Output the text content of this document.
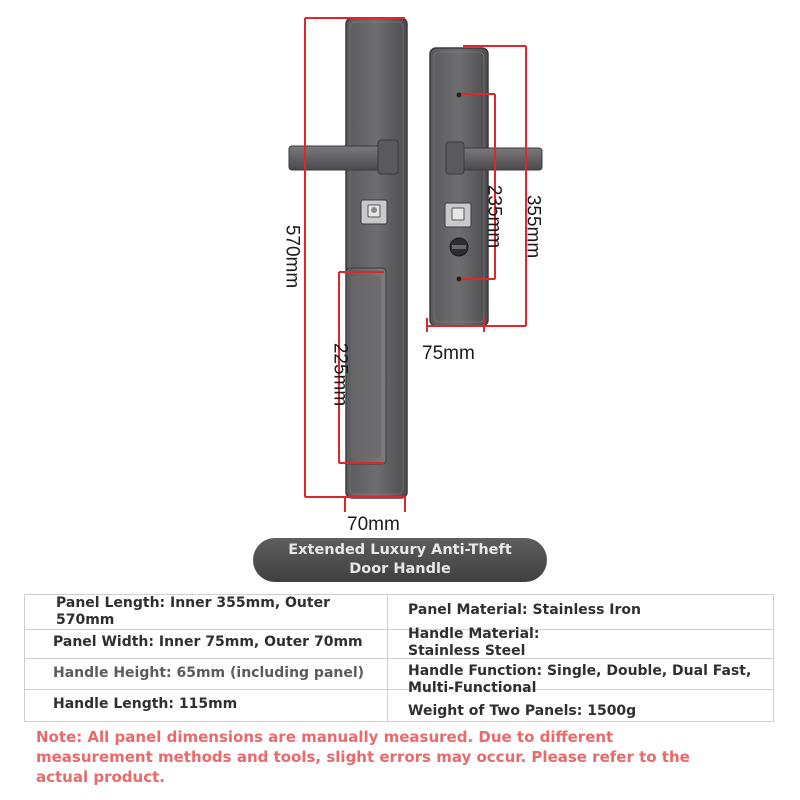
570mm
225mm
70mm
355mm
235mm
75mm
Extended Luxury Anti-Theft Door Handle
Panel Length: Inner 355mm, Outer 570mm
Panel Width: Inner 75mm, Outer 70mm
Handle Height: 65mm (including panel)
Handle Length: 115mm
Panel Material: Stainless Iron
Handle Material: Stainless Steel
Handle Function: Single, Double, Dual Fast, Multi-Functional
Weight of Two Panels: 1500g
Note: All panel dimensions are manually measured. Due to different measurement methods and tools, slight errors may occur. Please refer to the actual product.
